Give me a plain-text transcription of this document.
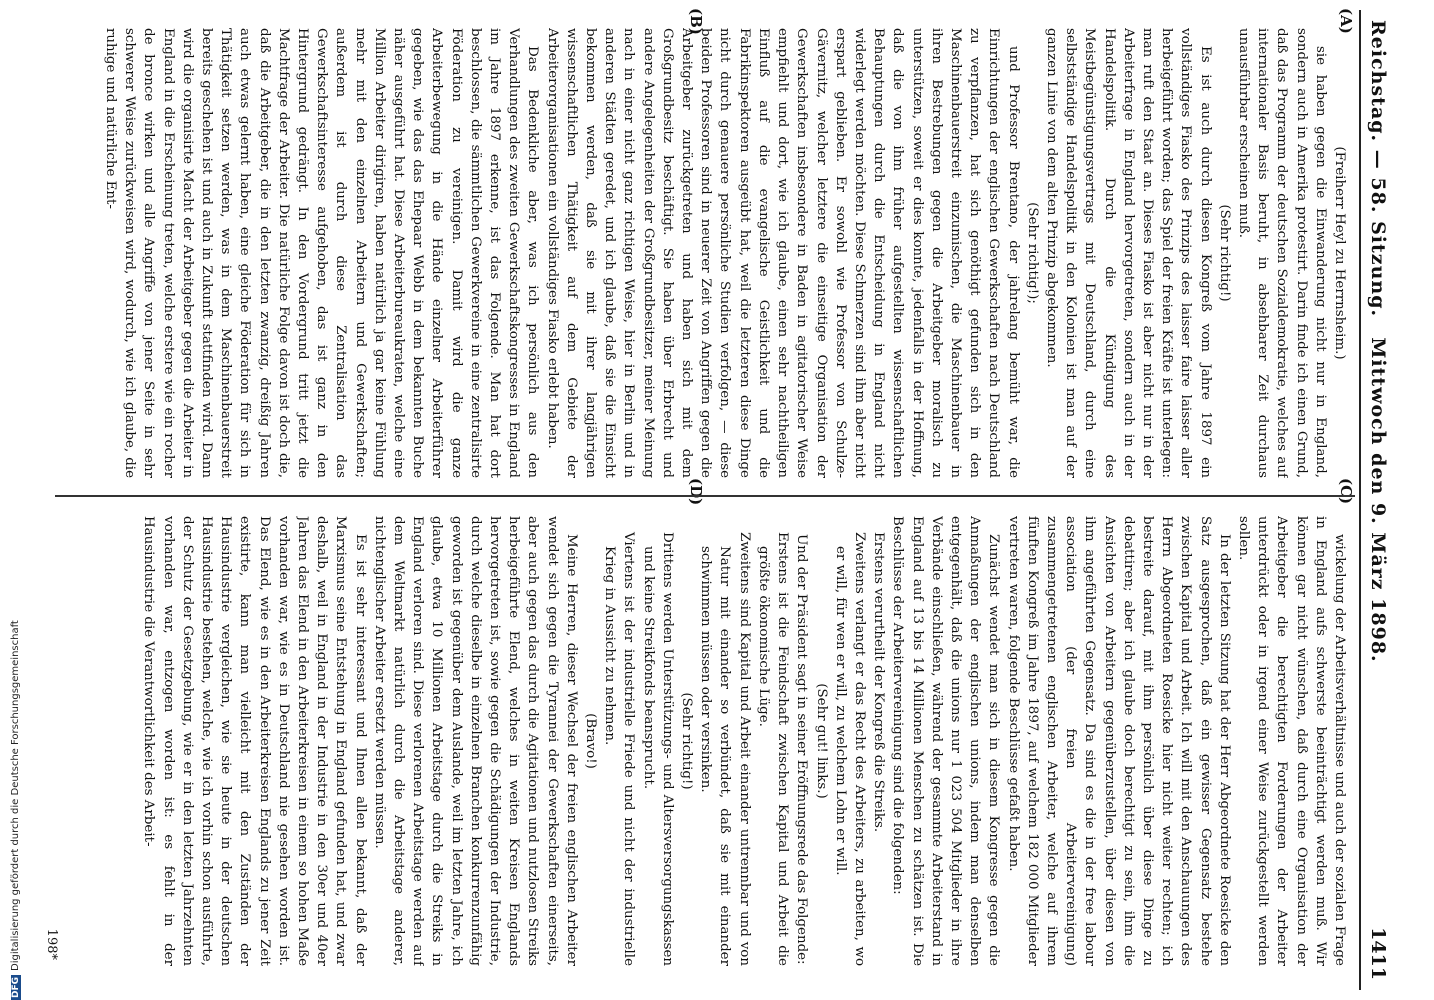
Reichstag. — 58. Sitzung.
Mittwoch den 9. März 1898.
1411
(A)
(B)
(C)
(D)

(Freiherr Heyl zu Herrnsheim.)

sie haben gegen die Einwanderung nicht nur in England, sondern auch in Amerika protestirt. Darin finde ich einen Grund, daß das Programm der deutschen Sozialdemokratie, welches auf internationaler Basis beruht, in absehbarer Zeit durchaus unausführbar erscheinen muß.

(Sehr richtig!)

Es ist auch durch diesen Kongreß vom Jahre 1897 ein vollständiges Fiasko des Prinzips des laisser faire laisser aller herbeigeführt worden; das Spiel der freien Kräfte ist unterlegen: man ruft den Staat an. Dieses Fiasko ist aber nicht nur in der Arbeiterfrage in England hervorgetreten, sondern auch in der Handelspolitik. Durch die Kündigung des Meistbegünstigungsvertrags mit Deutschland, durch eine selbstständige Handelspolitik in den Kolonien ist man auf der ganzen Linie von dem alten Prinzip abgekommen.

(Sehr richtig!);

und Professor Brentano, der jahrelang bemüht war, die Einrichtungen der englischen Gewerkschaften nach Deutschland zu verpflanzen, hat sich genöthigt gefunden sich in den Maschinenbauerstreit einzumischen, die Maschinenbauer in ihren Bestrebungen gegen die Arbeitgeber moralisch zu unterstützen, soweit er dies konnte, jedenfalls in der Hoffnung, daß die von ihm früher aufgestellten wissenschaftlichen Behauptungen durch die Entscheidung in England nicht widerlegt werden möchten. Diese Schmerzen sind ihm aber nicht erspart geblieben. Er sowohl wie Professor von Schulze-Gävernitz, welcher letztere die einseitige Organisation der Gewerkschaften insbesondere in Baden in agitatorischer Weise empfiehlt und dort, wie ich glaube, einen sehr nachtheiligen Einfluß auf die evangelische Geistlichkeit und die Fabrikinspektoren ausgeübt hat, weil die letzteren diese Dinge nicht durch genauere persönliche Studien verfolgen, — diese beiden Professoren sind in neuerer Zeit von Angriffen gegen die Arbeitgeber zurückgetreten und haben sich mit dem Großgrundbesitz beschäftigt. Sie haben über Erbrecht und andere Angelegenheiten der Großgrundbesitzer, meiner Meinung nach in einer nicht ganz richtigen Weise, hier in Berlin und in anderen Städten geredet, und ich glaube, daß sie die Einsicht bekommen werden, daß sie mit ihrer langjährigen wissenschaftlichen Thätigkeit auf dem Gebiete der Arbeiterorganisationen ein vollständiges Fiasko erlebt haben.

Das Bedenkliche aber, was ich persönlich aus den Verhandlungen des zweiten Gewerkschaftskongresses in England im Jahre 1897 erkenne, ist das Folgende. Man hat dort beschlossen, die sämmtlichen Gewerkvereine in eine zentralisirte Föderation zu vereinigen. Damit wird die ganze Arbeiterbewegung in die Hände einzelner Arbeiterführer gegeben, wie das das Ehepaar Webb in dem bekannten Buche näher ausgeführt hat. Diese Arbeiterbureaukraten, welche eine Million Arbeiter dirigiren, haben natürlich ja gar keine Fühlung mehr mit den einzelnen Arbeitern und Gewerkschaften; außerdem ist durch diese Zentralisation das Gewerkschaftsinteresse aufgehoben, das ist ganz in den Hintergrund gedrängt. In den Vordergrund tritt jetzt die Machtfrage der Arbeiter. Die natürliche Folge davon ist doch die, daß die Arbeitgeber, die in den letzten zwanzig, dreißig Jahren auch etwas gelernt haben, eine gleiche Föderation für sich in Thätigkeit setzen werden, was in dem Maschinenbauerstreit bereits geschehen ist und auch in Zukunft stattfinden wird. Dann wird die organisirte Macht der Arbeitgeber gegen die Arbeiter in England in die Erscheinung treten, welche erstere wie ein rocher de bronce wirken und alle Angriffe von jener Seite in sehr schwerer Weise zurückweisen wird, wodurch, wie ich glaube, die ruhige und natürliche Ent-

wickelung der Arbeitsverhältnisse und auch der sozialen Frage in England aufs schwerste beeinträchtigt werden muß. Wir können gar nicht wünschen, daß durch eine Organisation der Arbeitgeber die berechtigten Forderungen der Arbeiter unterdrückt oder in irgend einer Weise zurückgestellt werden sollen.

In der letzten Sitzung hat der Herr Abgeordnete Roesicke den Satz ausgesprochen, daß ein gewisser Gegensatz bestehe zwischen Kapital und Arbeit. Ich will mit den Anschauungen des Herrn Abgeordneten Roesicke hier nicht weiter rechten; ich bestreite darauf, mit ihm persönlich über diese Dinge zu debattiren; aber ich glaube doch berechtigt zu sein, ihm die Ansichten von Arbeitern gegenüberzustellen, über diesen von ihm angeführten Gegensatz. Da sind es die in der free labour association (der freien Arbeitervereinigung) zusammengetretenen englischen Arbeiter, welche auf ihrem fünften Kongreß im Jahre 1897, auf welchem 182 000 Mitglieder vertreten waren, folgende Beschlüsse gefaßt haben.

Zunächst wendet man sich in diesem Kongresse gegen die Anmaßungen der englischen unions, indem man denselben entgegenhält, daß die unions nur 1 023 504 Mitglieder in ihre Verbände einschließen, während der gesammte Arbeiterstand in England auf 13 bis 14 Millionen Menschen zu schätzen ist. Die Beschlüsse der Arbeitervereinigung sind die folgenden:

Erstens verurtheilt der Kongreß die Streiks.

Zweitens verlangt er das Recht des Arbeiters, zu arbeiten, wo er will, für wen er will, zu welchem Lohn er will.

(Sehr gut! links.)

Und der Präsident sagt in seiner Eröffnungsrede das Folgende:

Erstens ist die Feindschaft zwischen Kapital und Arbeit die größte ökonomische Lüge.

Zweitens sind Kapital und Arbeit einander untrennbar und von Natur mit einander so verbündet, daß sie mit einander schwimmen müssen oder versinken.

(Sehr richtig!)

Drittens werden Unterstützungs- und Altersversorgungskassen und keine Streikfonds beansprucht.

Viertens ist der industrielle Friede und nicht der industrielle Krieg in Aussicht zu nehmen.

(Bravo!)

Meine Herren, dieser Wechsel der freien englischen Arbeiter wendet sich gegen die Tyrannei der Gewerkschaften einerseits, aber auch gegen das durch die Agitationen und nutzlosen Streiks herbeigeführte Elend, welches in weiten Kreisen Englands hervorgetreten ist, sowie gegen die Schädigungen der Industrie, durch welche dieselbe in einzelnen Branchen konkurrenzunfähig geworden ist gegenüber dem Auslande, weil im letzten Jahre, ich glaube, etwa 10 Millionen Arbeitstage durch die Streiks in England verloren sind. Diese verlorenen Arbeitstage werden auf dem Weltmarkt natürlich durch die Arbeitstage anderer, nichtenglischer Arbeiter ersetzt werden müssen.

Es ist sehr interessant und Ihnen allen bekannt, daß der Marxismus seine Entstehung in England gefunden hat, und zwar deshalb, weil in England in der Industrie in den 30er und 40er Jahren das Elend in den Arbeiterkreisen in einem so hohen Maße vorhanden war, wie es in Deutschland nie gesehen worden ist. Das Elend, wie es in den Arbeiterkreisen Englands zu jener Zeit existirte, kann man vielleicht mit den Zuständen der Hausindustrie vergleichen, wie sie heute in der deutschen Hausindustrie bestehen, welche, wie ich vorhin schon ausführte, der Schutz der Gesetzgebung, wie er in den letzten Jahrzehnten vorhanden war, entzogen worden ist: es fehlt in der Hausindustrie die Verantwortlichkeit des Arbeit-

198*
DFGDigitalisierung gefördert durch die Deutsche Forschungsgemeinschaft
